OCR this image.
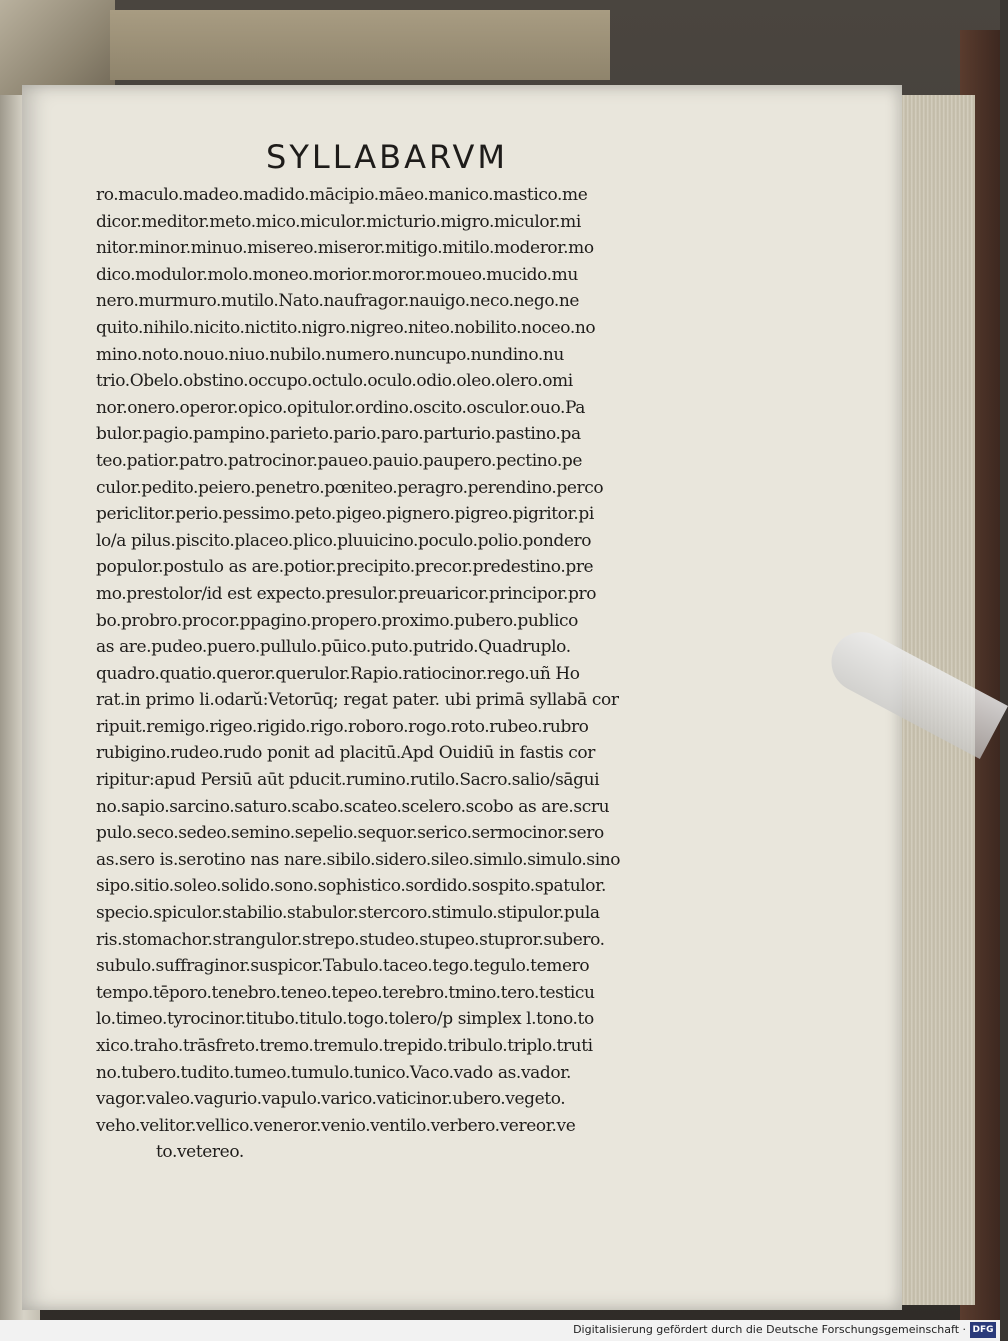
SYLLABARVM
ro.maculo.madeo.madido.mācipio.māeo.manico.mastico.me
dicor.meditor.meto.mico.miculor.micturio.migro.miculor.mi
nitor.minor.minuo.misereo.miseror.mitigo.mitilo.moderor.mo
dico.modulor.molo.moneo.morior.moror.moueo.mucido.mu
nero.murmuro.mutilo.Nato.naufragor.nauigo.neco.nego.ne
quito.nihilo.nicito.nictito.nigro.nigreo.niteo.nobilito.noceo.no
mino.noto.nouo.niuo.nubilo.numero.nuncupo.nundino.nu
trio.Obelo.obstino.occupo.octulo.oculo.odio.oleo.olero.omi
nor.onero.operor.opico.opitulor.ordino.oscito.osculor.ouo.Pa
bulor.pagio.pampino.parieto.pario.paro.parturio.pastino.pa
teo.patior.patro.patrocinor.paueo.pauio.paupero.pectino.pe
culor.pedito.peiero.penetro.pœniteo.peragro.perendino.perco
periclitor.perio.pessimo.peto.pigeo.pignero.pigreo.pigritor.pi
lo/a pilus.piscito.placeo.plico.pluuicino.poculo.polio.pondero
populor.postulo as are.potior.precipito.precor.predestino.pre
mo.prestolor/id est expecto.presulor.preuaricor.principor.pro
bo.probro.procor.ppagino.propero.proximo.pubero.publico
as are.pudeo.puero.pullulo.pūico.puto.putrido.Quadruplo.
quadro.quatio.queror.querulor.Rapio.ratiocinor.rego.uñ Ho
rat.in primo li.odarŭ:Vetorūq; regat pater. ubi primā syllabā cor
ripuit.remigo.rigeo.rigido.rigo.roboro.rogo.roto.rubeo.rubro
rubigino.rudeo.rudo ponit ad placitū.Apd Ouidiū in fastis cor
ripitur:apud Persiū aūt pducit.rumino.rutilo.Sacro.salio/sāgui
no.sapio.sarcino.saturo.scabo.scateo.scelero.scobo as are.scru
pulo.seco.sedeo.semino.sepelio.sequor.serico.sermocinor.sero
as.sero is.serotino nas nare.sibilo.sidero.sileo.simılo.simulo.sino
sipo.sitio.soleo.solido.sono.sophistico.sordido.sospito.spatulor.
specio.spiculor.stabilio.stabulor.stercoro.stimulo.stipulor.pula
ris.stomachor.strangulor.strepo.studeo.stupeo.stupror.subero.
subulo.suffraginor.suspicor.Tabulo.taceo.tego.tegulo.temero
tempo.tēporo.tenebro.teneo.tepeo.terebro.tmino.tero.testicu
lo.timeo.tyrocinor.titubo.titulo.togo.tolero/p simplex l.tono.to
xico.traho.trāsfreto.tremo.tremulo.trepido.tribulo.triplo.truti
no.tubero.tudito.tumeo.tumulo.tunico.Vaco.vado as.vador.
vagor.valeo.vagurio.vapulo.varico.vaticinor.ubero.vegeto.
veho.velitor.vellico.veneror.venio.ventilo.verbero.vereor.ve
to.vetereo.
Digitalisierung gefördert durch die Deutsche Forschungsgemeinschaft · DFG
